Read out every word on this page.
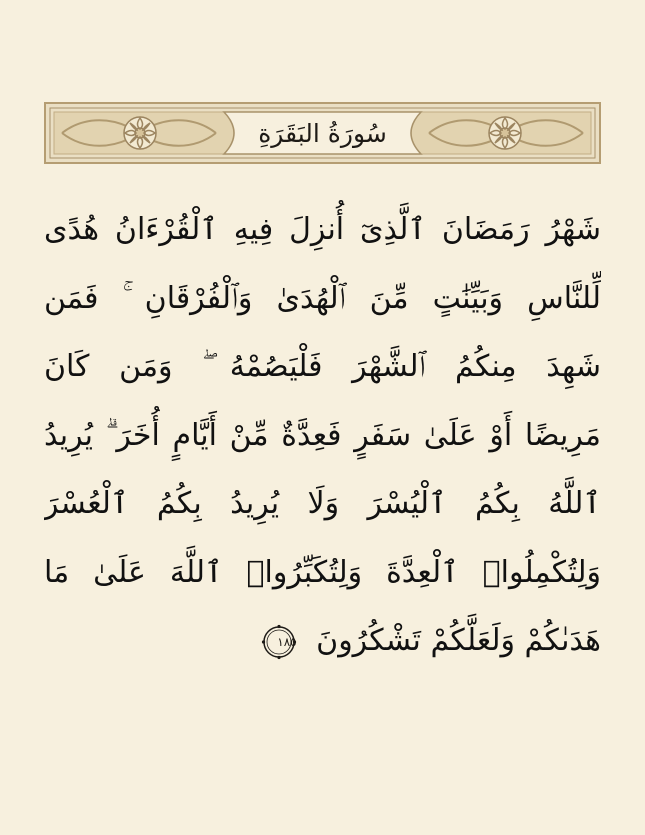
سُورَةُ البَقَرَةِ
شَهْرُ رَمَضَانَ ٱلَّذِىٓ أُنزِلَ فِيهِ ٱلْقُرْءَانُ هُدًى
لِّلنَّاسِ وَبَيِّنَٰتٍ مِّنَ ٱلْهُدَىٰ وَٱلْفُرْقَانِ ۚ فَمَن
شَهِدَ مِنكُمُ ٱلشَّهْرَ فَلْيَصُمْهُ ۖ وَمَن كَانَ
مَرِيضًا أَوْ عَلَىٰ سَفَرٍ فَعِدَّةٌ مِّنْ أَيَّامٍ أُخَرَ ۗ يُرِيدُ
ٱللَّهُ بِكُمُ ٱلْيُسْرَ وَلَا يُرِيدُ بِكُمُ ٱلْعُسْرَ
وَلِتُكْمِلُوا۟ ٱلْعِدَّةَ وَلِتُكَبِّرُوا۟ ٱللَّهَ عَلَىٰ مَا
هَدَىٰكُمْ وَلَعَلَّكُمْ تَشْكُرُونَ
١٨٥
